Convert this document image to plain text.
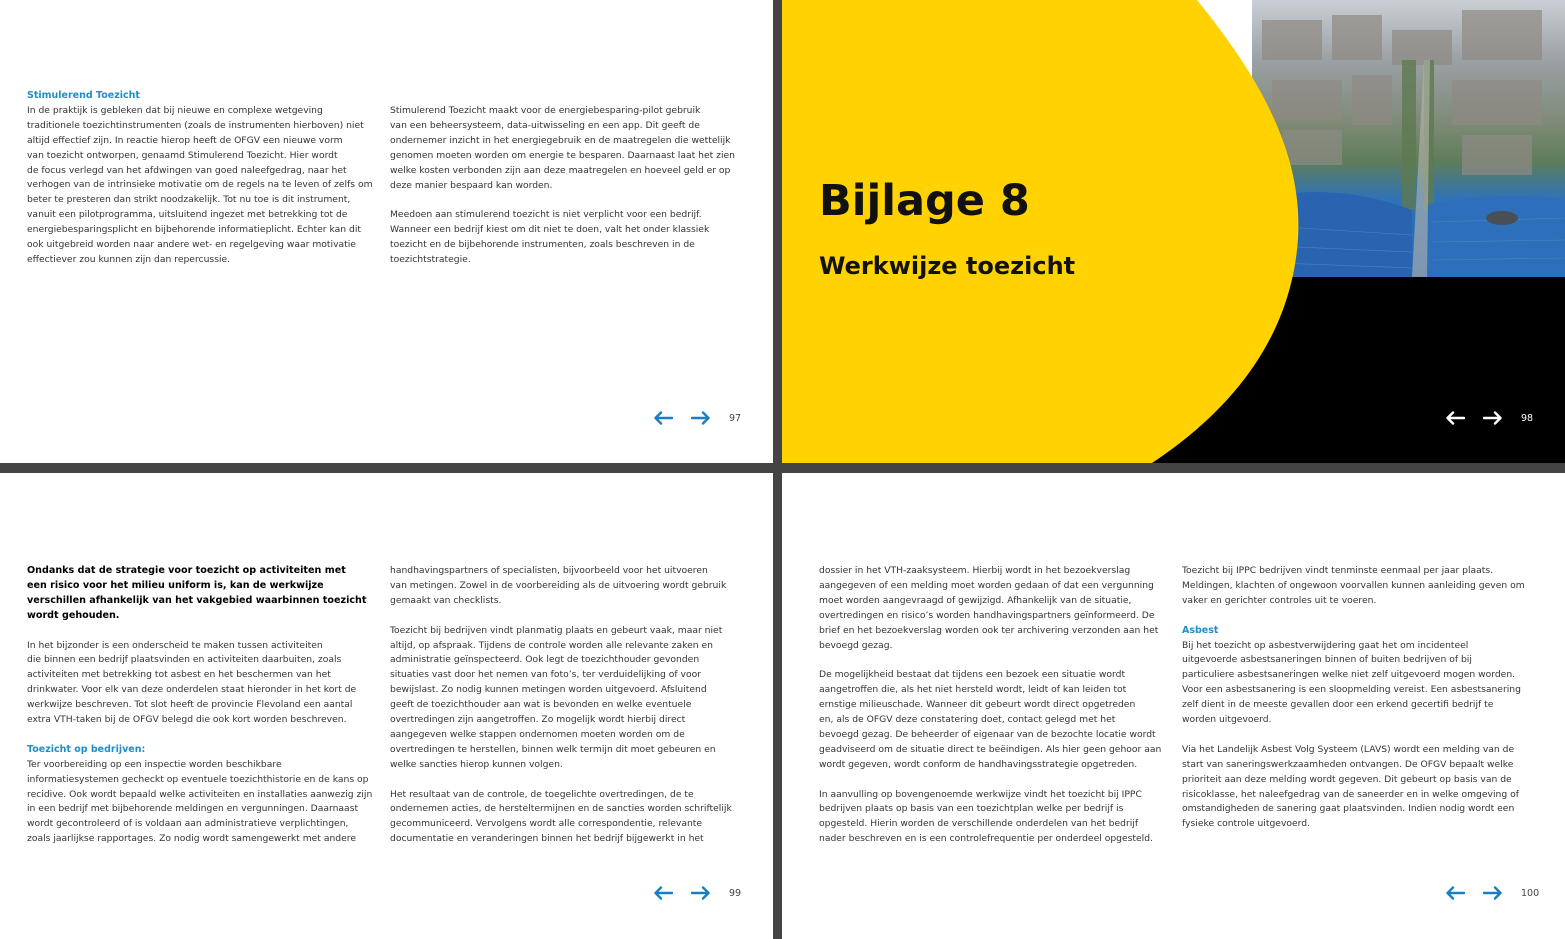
Stimulerend Toezicht

In de praktijk is gebleken dat bij nieuwe en complexe wetgeving
traditionele toezichtinstrumenten (zoals de instrumenten hierboven) niet
altijd effectief zijn. In reactie hierop heeft de OFGV een nieuwe vorm
van toezicht ontworpen, genaamd Stimulerend Toezicht. Hier wordt
de focus verlegd van het afdwingen van goed naleefgedrag, naar het
verhogen van de intrinsieke motivatie om de regels na te leven of zelfs om
beter te presteren dan strikt noodzakelijk. Tot nu toe is dit instrument,
vanuit een pilotprogramma, uitsluitend ingezet met betrekking tot de
energiebesparingsplicht en bijbehorende informatieplicht. Echter kan dit
ook uitgebreid worden naar andere wet- en regelgeving waar motivatie
effectiever zou kunnen zijn dan repercussie.

Stimulerend Toezicht maakt voor de energiebesparing-pilot gebruik
van een beheersysteem, data-uitwisseling en een app. Dit geeft de
ondernemer inzicht in het energiegebruik en de maatregelen die wettelijk
genomen moeten worden om energie te besparen. Daarnaast laat het zien
welke kosten verbonden zijn aan deze maatregelen en hoeveel geld er op
deze manier bespaard kan worden.

Meedoen aan stimulerend toezicht is niet verplicht voor een bedrijf.
Wanneer een bedrijf kiest om dit niet te doen, valt het onder klassiek
toezicht en de bijbehorende instrumenten, zoals beschreven in de
toezichtstrategie.

97
Bijlage 8
Werkwijze toezicht
98
Ondanks dat de strategie voor toezicht op activiteiten met
een risico voor het milieu uniform is, kan de werkwijze
verschillen afhankelijk van het vakgebied waarbinnen toezicht
wordt gehouden.

In het bijzonder is een onderscheid te maken tussen activiteiten
die binnen een bedrijf plaatsvinden en activiteiten daarbuiten, zoals
activiteiten met betrekking tot asbest en het beschermen van het
drinkwater. Voor elk van deze onderdelen staat hieronder in het kort de
werkwijze beschreven. Tot slot heeft de provincie Flevoland een aantal
extra VTH-taken bij de OFGV belegd die ook kort worden beschreven.

Toezicht op bedrijven:

Ter voorbereiding op een inspectie worden beschikbare
informatiesystemen gecheckt op eventuele toezichthistorie en de kans op
recidive. Ook wordt bepaald welke activiteiten en installaties aanwezig zijn
in een bedrijf met bijbehorende meldingen en vergunningen. Daarnaast
wordt gecontroleerd of is voldaan aan administratieve verplichtingen,
zoals jaarlijkse rapportages. Zo nodig wordt samengewerkt met andere

handhavingspartners of specialisten, bijvoorbeeld voor het uitvoeren
van metingen. Zowel in de voorbereiding als de uitvoering wordt gebruik
gemaakt van checklists.

Toezicht bij bedrijven vindt planmatig plaats en gebeurt vaak, maar niet
altijd, op afspraak. Tijdens de controle worden alle relevante zaken en
administratie geïnspecteerd. Ook legt de toezichthouder gevonden
situaties vast door het nemen van foto’s, ter verduidelijking of voor
bewijslast. Zo nodig kunnen metingen worden uitgevoerd. Afsluitend
geeft de toezichthouder aan wat is bevonden en welke eventuele
overtredingen zijn aangetroffen. Zo mogelijk wordt hierbij direct
aangegeven welke stappen ondernomen moeten worden om de
overtredingen te herstellen, binnen welk termijn dit moet gebeuren en
welke sancties hierop kunnen volgen.

Het resultaat van de controle, de toegelichte overtredingen, de te
ondernemen acties, de hersteltermijnen en de sancties worden schriftelijk
gecommuniceerd. Vervolgens wordt alle correspondentie, relevante
documentatie en veranderingen binnen het bedrijf bijgewerkt in het

99

dossier in het VTH-zaaksysteem. Hierbij wordt in het bezoekverslag
aangegeven of een melding moet worden gedaan of dat een vergunning
moet worden aangevraagd of gewijzigd. Afhankelijk van de situatie,
overtredingen en risico’s worden handhavingspartners geïnformeerd. De
brief en het bezoekverslag worden ook ter archivering verzonden aan het
bevoegd gezag.

De mogelijkheid bestaat dat tijdens een bezoek een situatie wordt
aangetroffen die, als het niet hersteld wordt, leidt of kan leiden tot
ernstige milieuschade. Wanneer dit gebeurt wordt direct opgetreden
en, als de OFGV deze constatering doet, contact gelegd met het
bevoegd gezag. De beheerder of eigenaar van de bezochte locatie wordt
geadviseerd om de situatie direct te beëindigen. Als hier geen gehoor aan
wordt gegeven, wordt conform de handhavingsstrategie opgetreden.

In aanvulling op bovengenoemde werkwijze vindt het toezicht bij IPPC
bedrijven plaats op basis van een toezichtplan welke per bedrijf is
opgesteld. Hierin worden de verschillende onderdelen van het bedrijf
nader beschreven en is een controlefrequentie per onderdeel opgesteld.

Toezicht bij IPPC bedrijven vindt tenminste eenmaal per jaar plaats.
Meldingen, klachten of ongewoon voorvallen kunnen aanleiding geven om
vaker en gerichter controles uit te voeren.

Asbest

Bij het toezicht op asbestverwijdering gaat het om incidenteel
uitgevoerde asbestsaneringen binnen of buiten bedrijven of bij
particuliere asbestsaneringen welke niet zelf uitgevoerd mogen worden.
Voor een asbestsanering is een sloopmelding vereist. Een asbestsanering
zelf dient in de meeste gevallen door een erkend gecertifi bedrijf te
worden uitgevoerd.

Via het Landelijk Asbest Volg Systeem (LAVS) wordt een melding van de
start van saneringswerkzaamheden ontvangen. De OFGV bepaalt welke
prioriteit aan deze melding wordt gegeven. Dit gebeurt op basis van de
risicoklasse, het naleefgedrag van de saneerder en in welke omgeving of
omstandigheden de sanering gaat plaatsvinden. Indien nodig wordt een
fysieke controle uitgevoerd.

100
